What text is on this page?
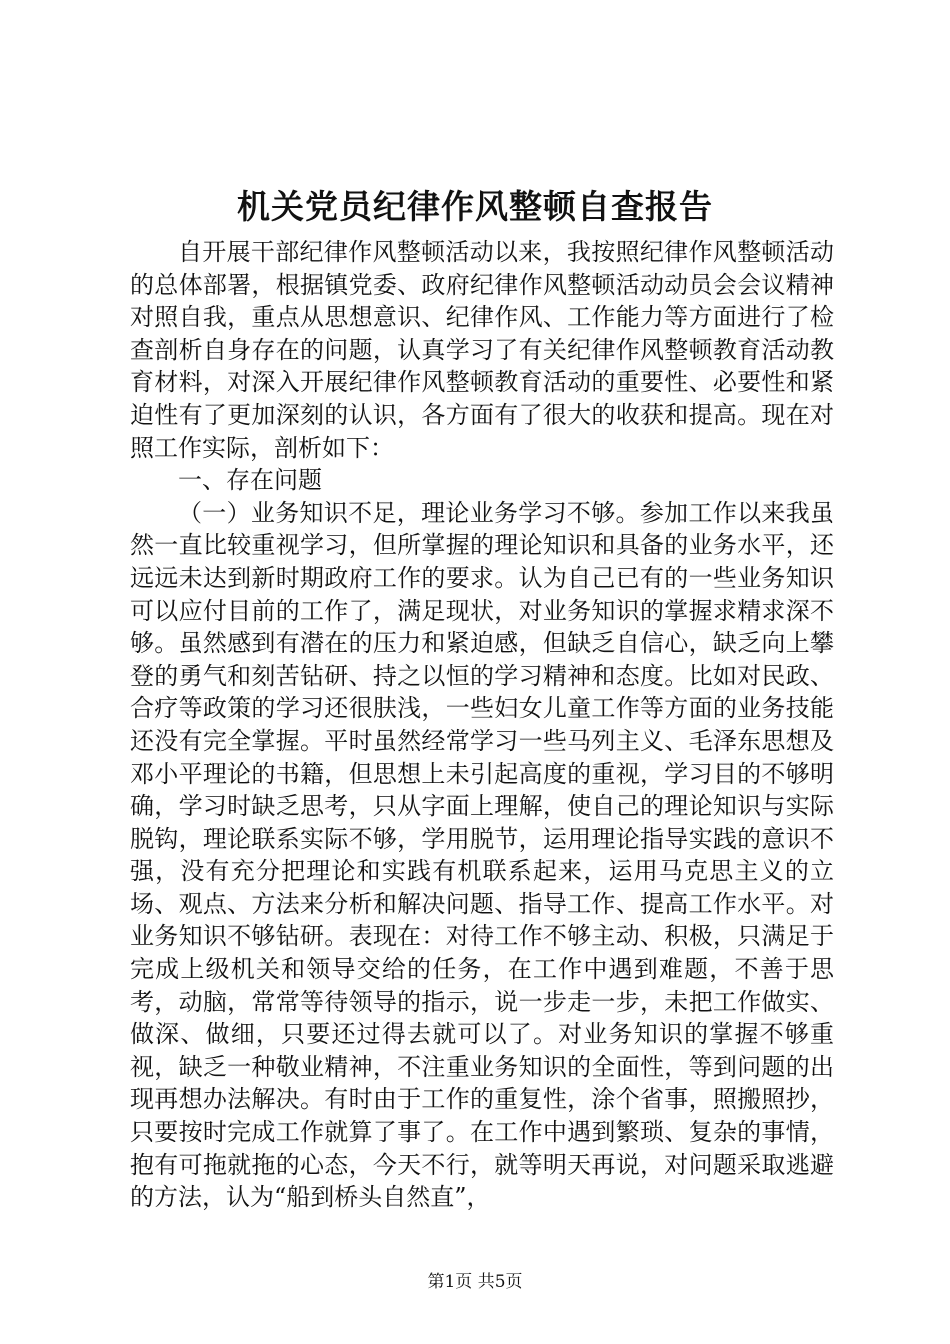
机关党员纪律作风整顿自查报告

自开展干部纪律作风整顿活动以来，我按照纪律作风整顿活动的总体部署，根据镇党委、政府纪律作风整顿活动动员会会议精神对照自我，重点从思想意识、纪律作风、工作能力等方面进行了检查剖析自身存在的问题，认真学习了有关纪律作风整顿教育活动教育材料，对深入开展纪律作风整顿教育活动的重要性、必要性和紧迫性有了更加深刻的认识，各方面有了很大的收获和提高。现在对照工作实际，剖析如下：

一、存在问题

（一）业务知识不足，理论业务学习不够。参加工作以来我虽然一直比较重视学习，但所掌握的理论知识和具备的业务水平，还远远未达到新时期政府工作的要求。认为自己已有的一些业务知识可以应付目前的工作了，满足现状，对业务知识的掌握求精求深不够。虽然感到有潜在的压力和紧迫感，但缺乏自信心，缺乏向上攀登的勇气和刻苦钻研、持之以恒的学习精神和态度。比如对民政、合疗等政策的学习还很肤浅，一些妇女儿童工作等方面的业务技能还没有完全掌握。平时虽然经常学习一些马列主义、毛泽东思想及邓小平理论的书籍，但思想上未引起高度的重视，学习目的不够明确，学习时缺乏思考，只从字面上理解，使自己的理论知识与实际脱钩，理论联系实际不够，学用脱节，运用理论指导实践的意识不强，没有充分把理论和实践有机联系起来，运用马克思主义的立场、观点、方法来分析和解决问题、指导工作、提高工作水平。对业务知识不够钻研。表现在：对待工作不够主动、积极，只满足于完成上级机关和领导交给的任务，在工作中遇到难题，不善于思考，动脑，常常等待领导的指示，说一步走一步，未把工作做实、做深、做细，只要还过得去就可以了。对业务知识的掌握不够重视，缺乏一种敬业精神，不注重业务知识的全面性，等到问题的出现再想办法解决。有时由于工作的重复性，涂个省事，照搬照抄，只要按时完成工作就算了事了。在工作中遇到繁琐、复杂的事情，抱有可拖就拖的心态，今天不行，就等明天再说，对问题采取逃避的方法，认为“船到桥头自然直”，

第1页 共5页
